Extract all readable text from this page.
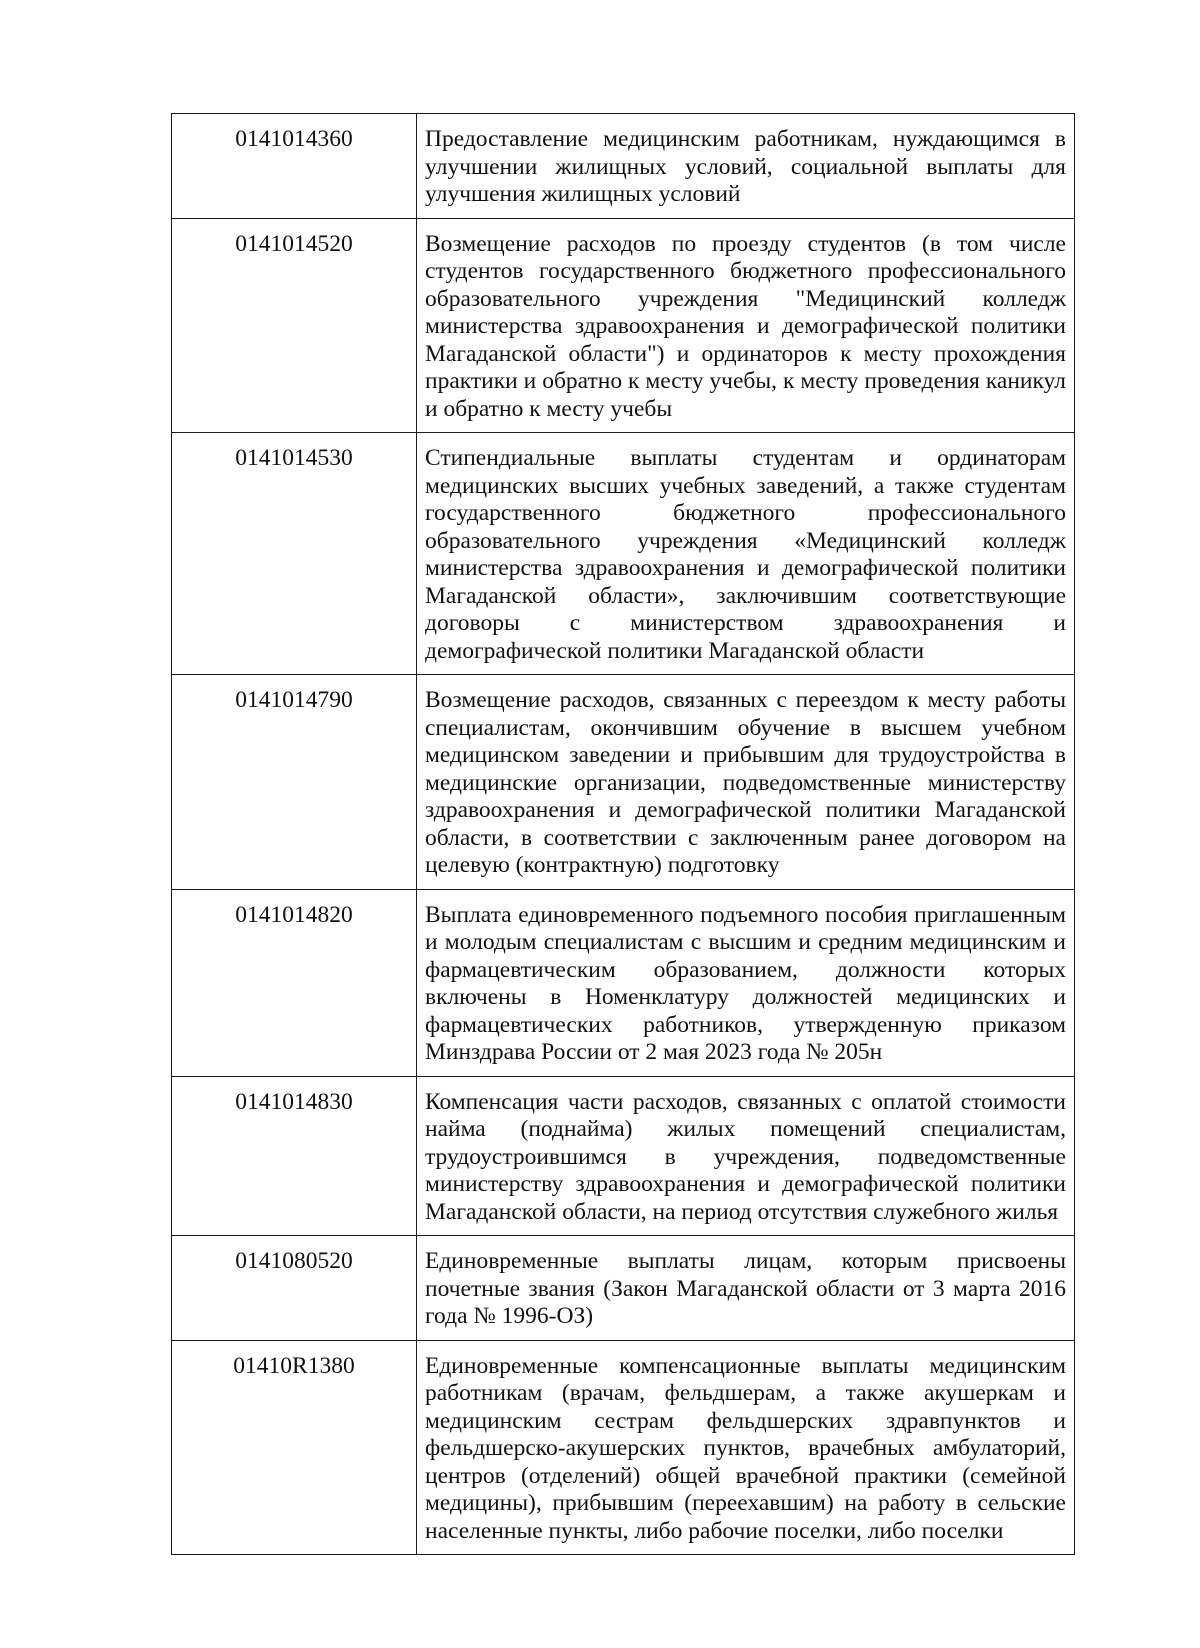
0141014360	Предоставление медицинским работникам, нуждающимся в улучшении жилищных условий, социальной выплаты для улучшения жилищных условий
0141014520	Возмещение расходов по проезду студентов (в том числе студентов государственного бюджетного профессионального образовательного учреждения "Медицинский колледж министерства здравоохранения и демографической политики Магаданской области") и ординаторов к месту прохождения практики и обратно к месту учебы, к месту проведения каникул и обратно к месту учебы
0141014530	Стипендиальные выплаты студентам и ординаторам медицинских высших учебных заведений, а также студентам государственного бюджетного профессионального образовательного учреждения «Медицинский колледж министерства здравоохранения и демографической политики Магаданской области», заключившим соответствующие договоры с министерством здравоохранения и демографической политики Магаданской области
0141014790	Возмещение расходов, связанных с переездом к месту работы специалистам, окончившим обучение в высшем учебном медицинском заведении и прибывшим для трудоустройства в медицинские организации, подведомственные министерству здравоохранения и демографической политики Магаданской области, в соответствии с заключенным ранее договором на целевую (контрактную) подготовку
0141014820	Выплата единовременного подъемного пособия приглашенным и молодым специалистам с высшим и средним медицинским и фармацевтическим образованием, должности которых включены в Номенклатуру должностей медицинских и фармацевтических работников, утвержденную приказом Минздрава России от 2 мая 2023 года № 205н
0141014830	Компенсация части расходов, связанных с оплатой стоимости найма (поднайма) жилых помещений специалистам, трудоустроившимся в учреждения, подведомственные министерству здравоохранения и демографической политики Магаданской области, на период отсутствия служебного жилья
0141080520	Единовременные выплаты лицам, которым присвоены почетные звания (Закон Магаданской области от 3 марта 2016 года № 1996-ОЗ)
01410R1380	Единовременные компенсационные выплаты медицинским работникам (врачам, фельдшерам, а также акушеркам и медицинским сестрам фельдшерских здравпунктов и фельдшерско-акушерских пунктов, врачебных амбулаторий, центров (отделений) общей врачебной практики (семейной медицины), прибывшим (переехавшим) на работу в сельские населенные пункты, либо рабочие поселки, либо поселки
